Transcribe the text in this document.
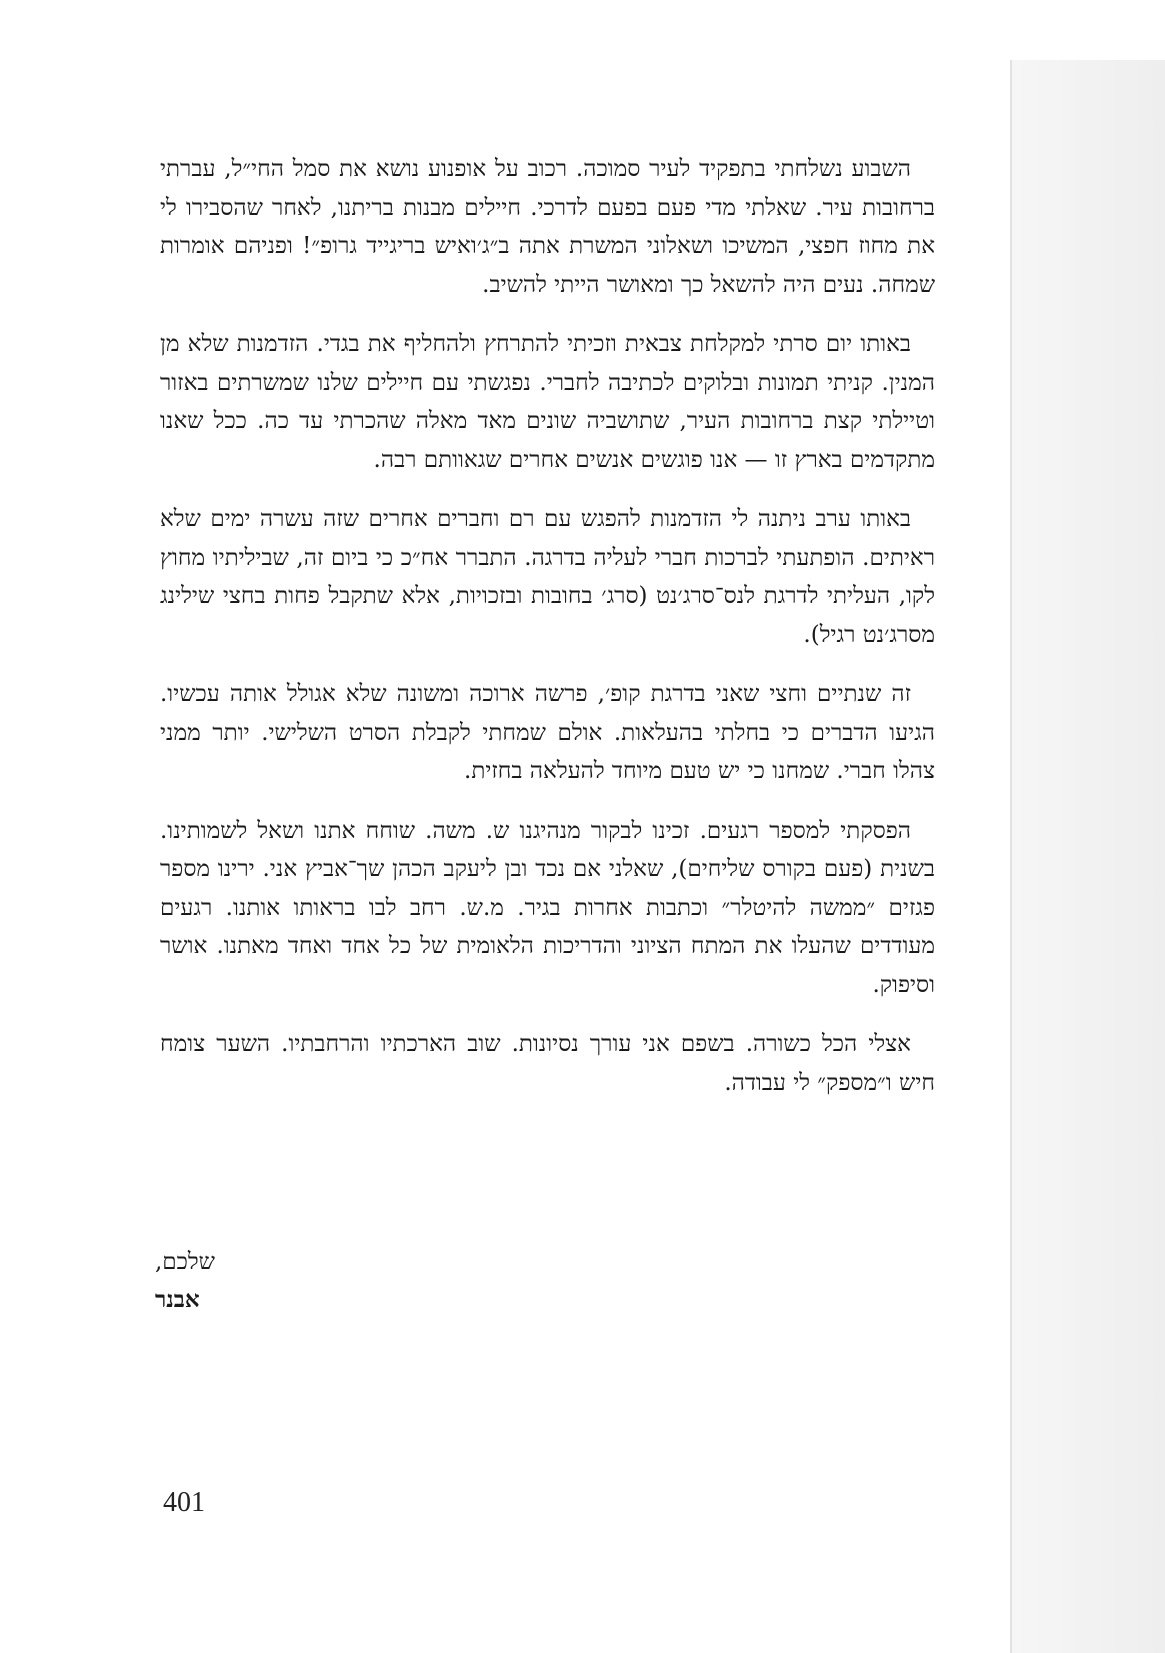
השבוע נשלחתי בתפקיד לעיר סמוכה. רכוב על אופנוע נושא את סמל החי״ל, עברתי ברחובות עיר. שאלתי מדי פעם בפעם לדרכי. חיילים מבנות בריתנו, לאחר שהסבירו לי את מחוז חפצי, המשיכו ושאלוני המשרת אתה ב״ג׳ואיש בריגייד גרופ״! ופניהם אומרות שמחה. נעים היה להשאל כך ומאושר הייתי להשיב.

באותו יום סרתי למקלחת צבאית וזכיתי להתרחץ ולהחליף את בגדי. הזדמנות שלא מן המנין. קניתי תמונות ובלוקים לכתיבה לחברי. נפגשתי עם חיילים שלנו שמשרתים באזור וטיילתי קצת ברחובות העיר, שתושביה שונים מאד מאלה שהכרתי עד כה. ככל שאנו מתקדמים בארץ זו — אנו פוגשים אנשים אחרים שגאוותם רבה.

באותו ערב ניתנה לי הזדמנות להפגש עם רם וחברים אחרים שזה עשרה ימים שלא ראיתים. הופתעתי לברכות חברי לעליה בדרגה. התברר אח״כ כי ביום זה, שביליתיו מחוץ לקו, העליתי לדרגת לנס־סרג׳נט (סרג׳ בחובות ובזכויות, אלא שתקבל פחות בחצי שילינג מסרג׳נט רגיל).

זה שנתיים וחצי שאני בדרגת קופ׳, פרשה ארוכה ומשונה שלא אגולל אותה עכשיו. הגיעו הדברים כי בחלתי בהעלאות. אולם שמחתי לקבלת הסרט השלישי. יותר ממני צהלו חברי. שמחנו כי יש טעם מיוחד להעלאה בחזית.

הפסקתי למספר רגעים. זכינו לבקור מנהיגנו ש. משה. שוחח אתנו ושאל לשמותינו. בשנית (פעם בקורס שליחים), שאלני אם נכד ובן ליעקב הכהן שך־אביץ אני. ירינו מספר פגזים ״ממשה להיטלר״ וכתבות אחרות בגיר. מ.ש. רחב לבו בראותו אותנו. רגעים מעודדים שהעלו את המתח הציוני והדריכות הלאומית של כל אחד ואחד מאתנו. אושר וסיפוק.

אצלי הכל כשורה. בשפם אני עורך נסיונות. שוב הארכתיו והרחבתיו. השער צומח חיש ו״מספק״ לי עבודה.

שלכם,
אבנר
401
